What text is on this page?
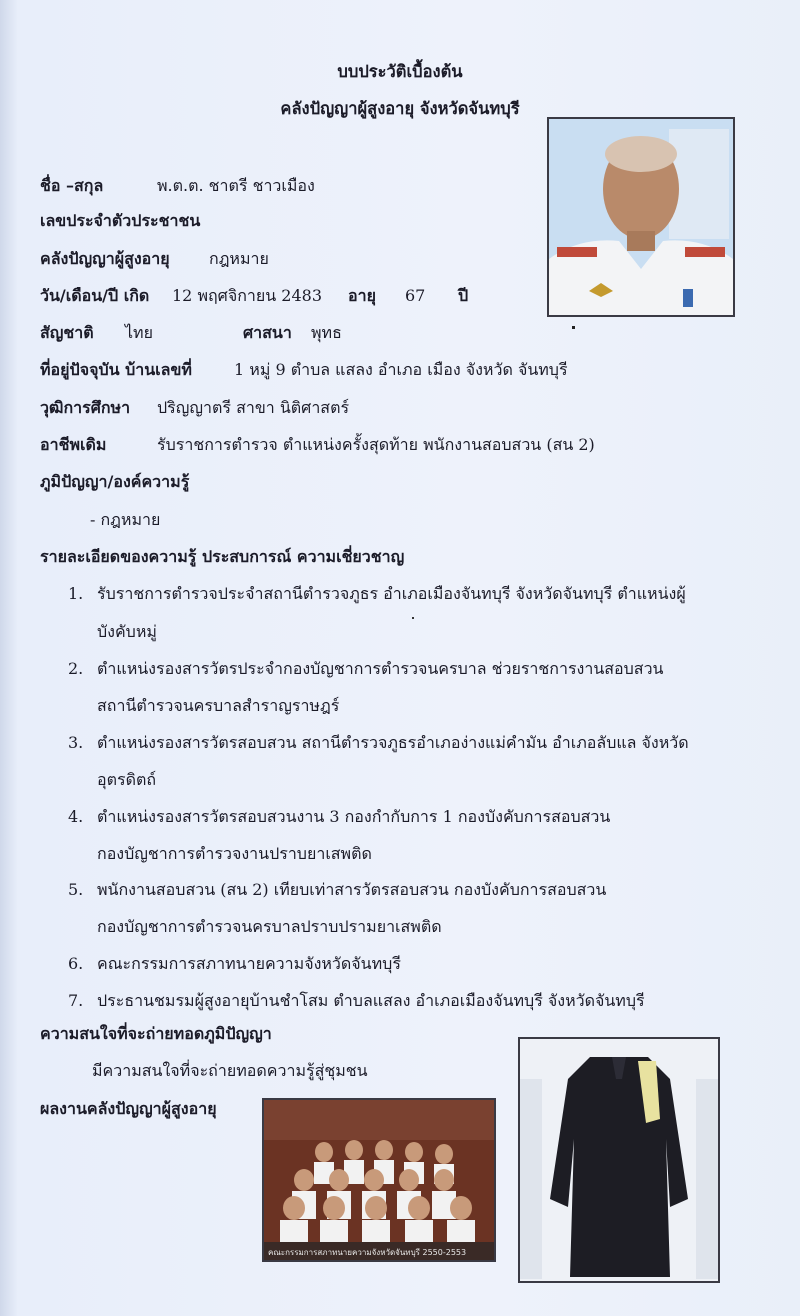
บบประวัติเบื้องต้น
คลังปัญญาผู้สูงอายุ จังหวัดจันทบุรี
ชื่อ –สกุล	พ.ต.ต. ชาตรี ชาวเมือง
เลขประจำตัวประชาชน
คลังปัญญาผู้สูงอายุ กฎหมาย
วัน/เดือน/ปี เกิด 12 พฤศจิกายน 2483 อายุ 67 ปี
สัญชาติ ไทย	ศาสนา พุทธ
ที่อยู่ปัจจุบัน บ้านเลขที่	1 หมู่ 9 ตำบล แสลง อำเภอ เมือง จังหวัด จันทบุรี
วุฒิการศึกษา ปริญญาตรี สาขา นิติศาสตร์
อาชีพเดิม	รับราชการตำรวจ ตำแหน่งครั้งสุดท้าย พนักงานสอบสวน (สน 2)
ภูมิปัญญา/องค์ความรู้
- กฎหมาย
รายละเอียดของความรู้ ประสบการณ์ ความเชี่ยวชาญ
1. รับราชการตำรวจประจำสถานีตำรวจภูธร อำเภอเมืองจันทบุรี จังหวัดจันทบุรี ตำแหน่งผู้
บังคับหมู่
2. ตำแหน่งรองสารวัตรประจำกองบัญชาการตำรวจนครบาล ช่วยราชการงานสอบสวน
สถานีตำรวจนครบาลสำราญราษฎร์
3. ตำแหน่งรองสารวัตรสอบสวน สถานีตำรวจภูธรอำเภอง่างแม่คำมัน อำเภอลับแล จังหวัด
อุตรดิตถ์
4. ตำแหน่งรองสารวัตรสอบสวนงาน 3 กองกำกับการ 1 กองบังคับการสอบสวน
กองบัญชาการตำรวจงานปราบยาเสพติด
5. พนักงานสอบสวน (สน 2) เทียบเท่าสารวัตรสอบสวน กองบังคับการสอบสวน
กองบัญชาการตำรวจนครบาลปราบปรามยาเสพติด
6. คณะกรรมการสภาทนายความจังหวัดจันทบุรี
7. ประธานชมรมผู้สูงอายุบ้านชำโสม ตำบลแสลง อำเภอเมืองจันทบุรี จังหวัดจันทบุรี
ความสนใจที่จะถ่ายทอดภูมิปัญญา
มีความสนใจที่จะถ่ายทอดความรู้สู่ชุมชน
ผลงานคลังปัญญาผู้สูงอายุ
คณะกรรมการสภาทนายความจังหวัดจันทบุรี 2550-2553
